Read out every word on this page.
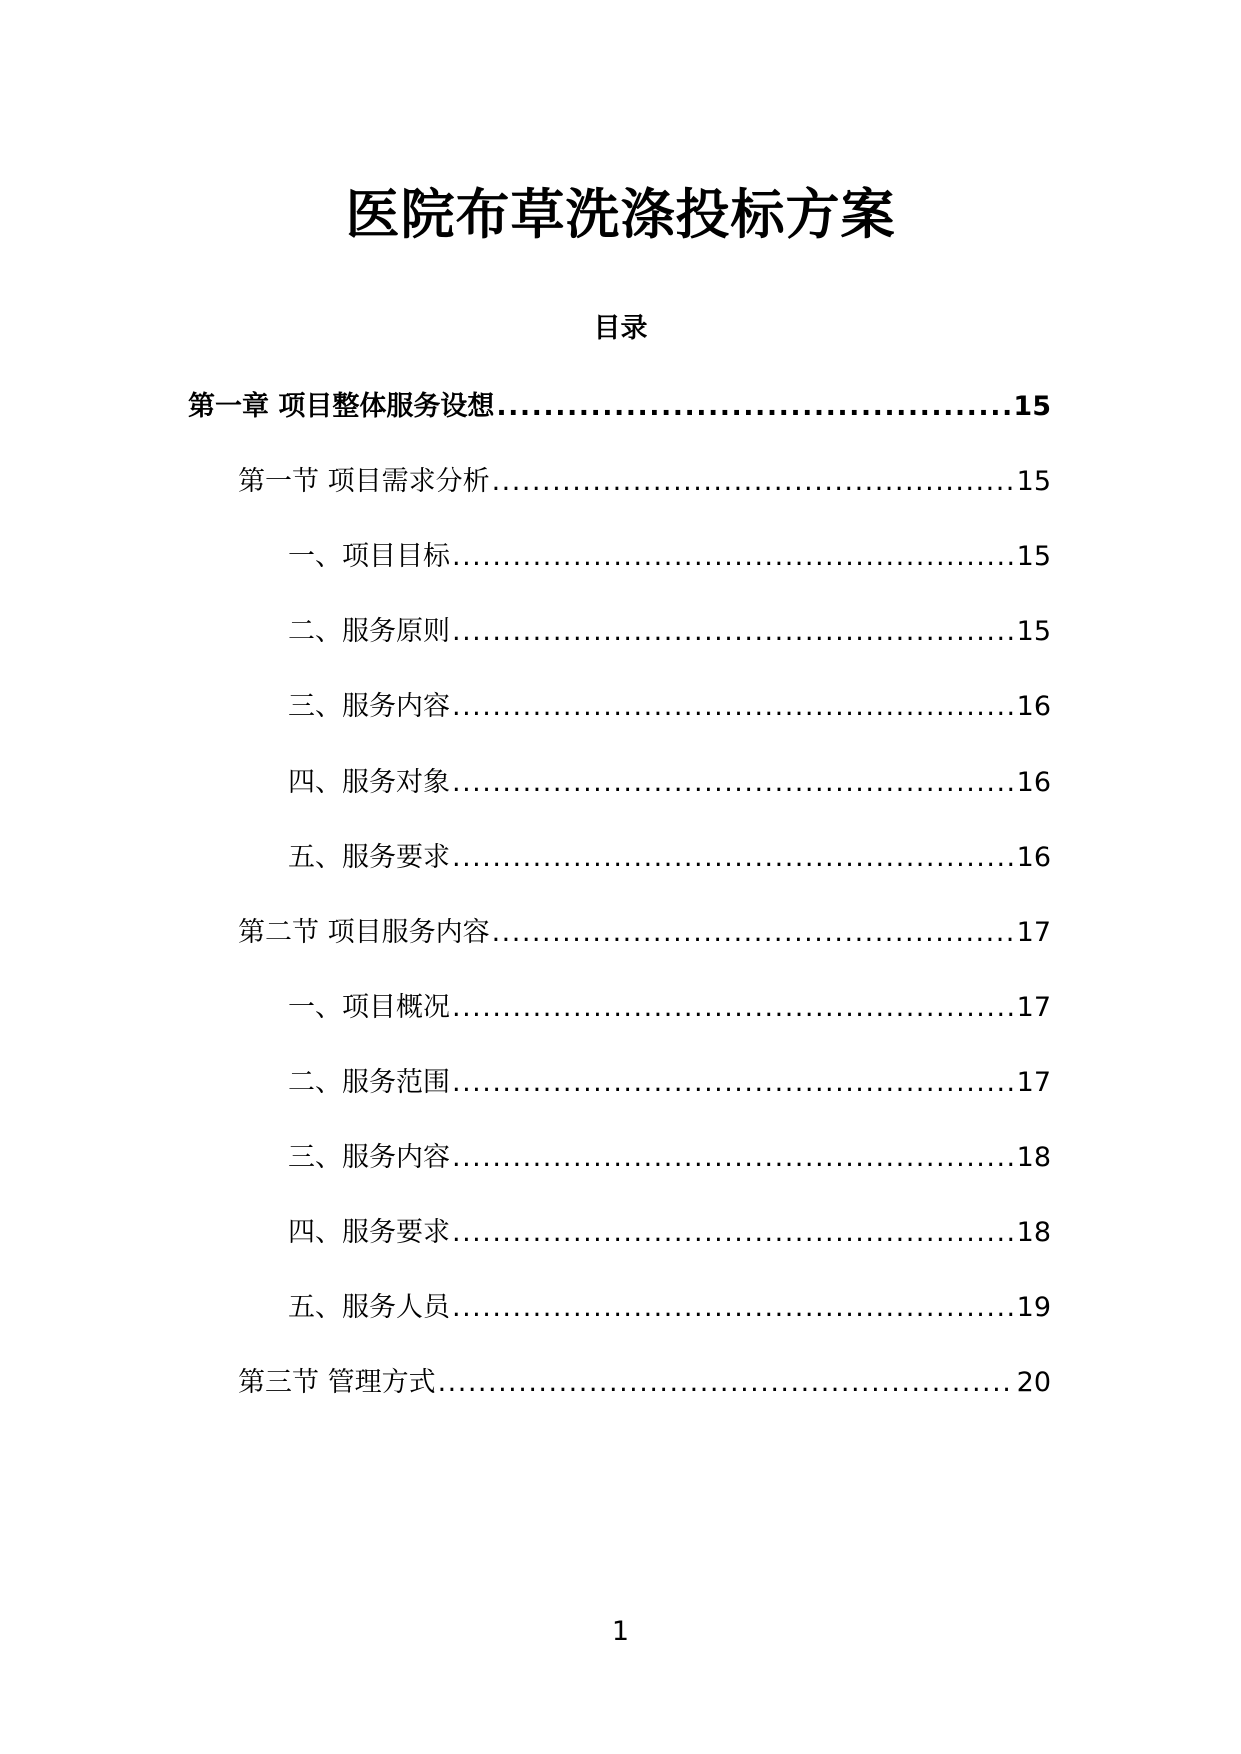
医院布草洗涤投标方案
目录
第一章 项目整体服务设想 .....	15
第一节 项目需求分析 .....	15
一、项目目标 .....	15
二、服务原则 .....	15
三、服务内容 .....	16
四、服务对象 .....	16
五、服务要求 .....	16
第二节 项目服务内容 .....	17
一、项目概况 .....	17
二、服务范围 .....	17
三、服务内容 .....	18
四、服务要求 .....	18
五、服务人员 .....	19
第三节 管理方式 .....	20
1
